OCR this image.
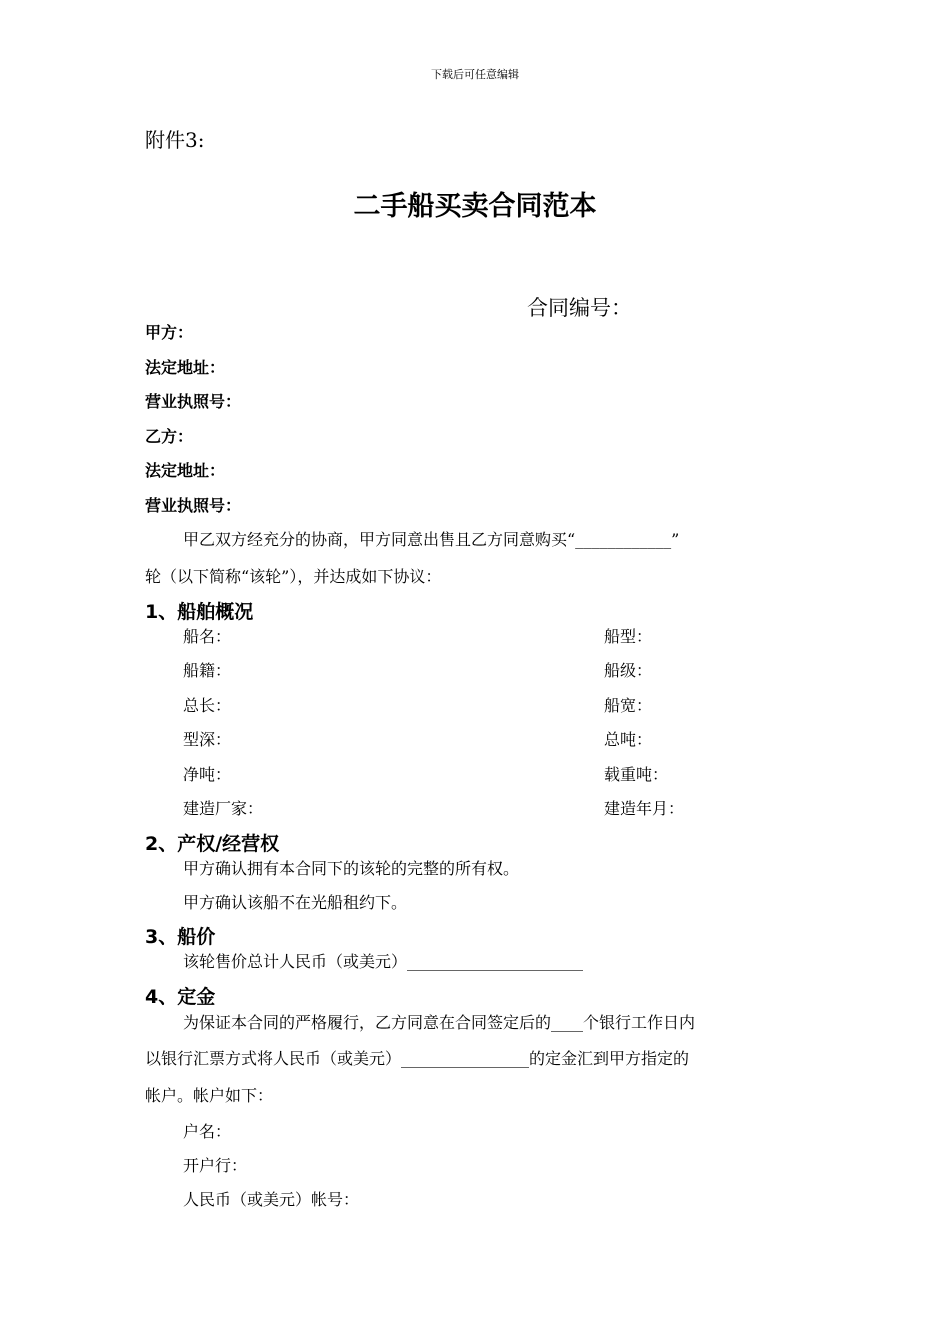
下载后可任意编辑
附件3:
二手船买卖合同范本
合同编号：
甲方：
法定地址：
营业执照号：
乙方：
法定地址：
营业执照号：
甲乙双方经充分的协商，甲方同意出售且乙方同意购买“____________”
轮（以下简称“该轮”），并达成如下协议：
1、船舶概况
船名：	船型：
船籍：	船级：
总长：	船宽：
型深：	总吨：
净吨：	载重吨：
建造厂家：	建造年月：
2、产权/经营权
甲方确认拥有本合同下的该轮的完整的所有权。
甲方确认该船不在光船租约下。
3、船价
该轮售价总计人民币（或美元）______________________
4、定金
为保证本合同的严格履行，乙方同意在合同签定后的____个银行工作日内
以银行汇票方式将人民币（或美元）________________的定金汇到甲方指定的
帐户。帐户如下：
户名：
开户行：
人民币（或美元）帐号：
